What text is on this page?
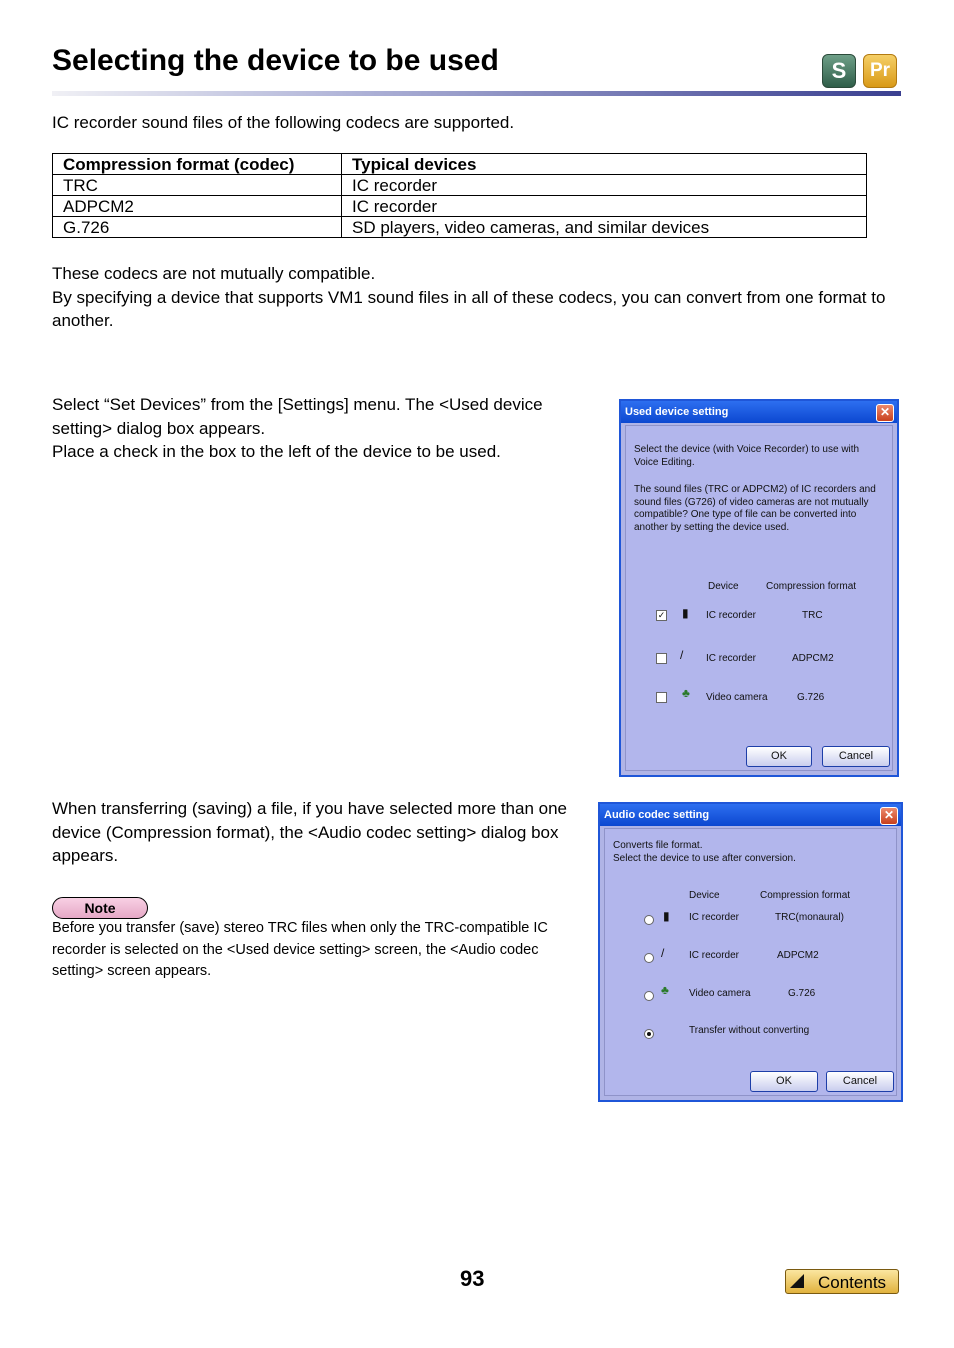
Selecting the device to be used	S	Pr
IC recorder sound files of the following codecs are supported.
Compression format (codec)	Typical devices
TRC	IC recorder
ADPCM2	IC recorder
G.726	SD players, video cameras, and similar devices
These codecs are not mutually compatible.
By specifying a device that supports VM1 sound files in all of these codecs, you can convert from one format to another.
Select “Set Devices” from the [Settings] menu. The <Used device setting> dialog box appears.
Place a check in the box to the left of the device to be used.
Used device setting	✕
Select the device (with Voice Recorder) to use with
Voice Editing.
The sound files (TRC or ADPCM2) of IC recorders and
sound files (G726) of video cameras are not mutually
compatible? One type of file can be converted into
another by setting the device used.
Device	Compression format
✓ ▮ IC recorder	TRC
/	IC recorder	ADPCM2
♣ Video camera	G.726
OK	Cancel
When transferring (saving) a file, if you have selected more than one device (Compression format), the <Audio codec setting> dialog box appears.
Note
Before you transfer (save) stereo TRC files when only the TRC-compatible IC recorder is selected on the <Used device setting> screen, the <Audio codec setting> screen appears.
Audio codec setting	✕
Converts file format.
Select the device to use after conversion.
Device	Compression format
▮ IC recorder	TRC(monaural)
/	IC recorder	ADPCM2
♣ Video camera	G.726
Transfer without converting
OK	Cancel
93	Contents
